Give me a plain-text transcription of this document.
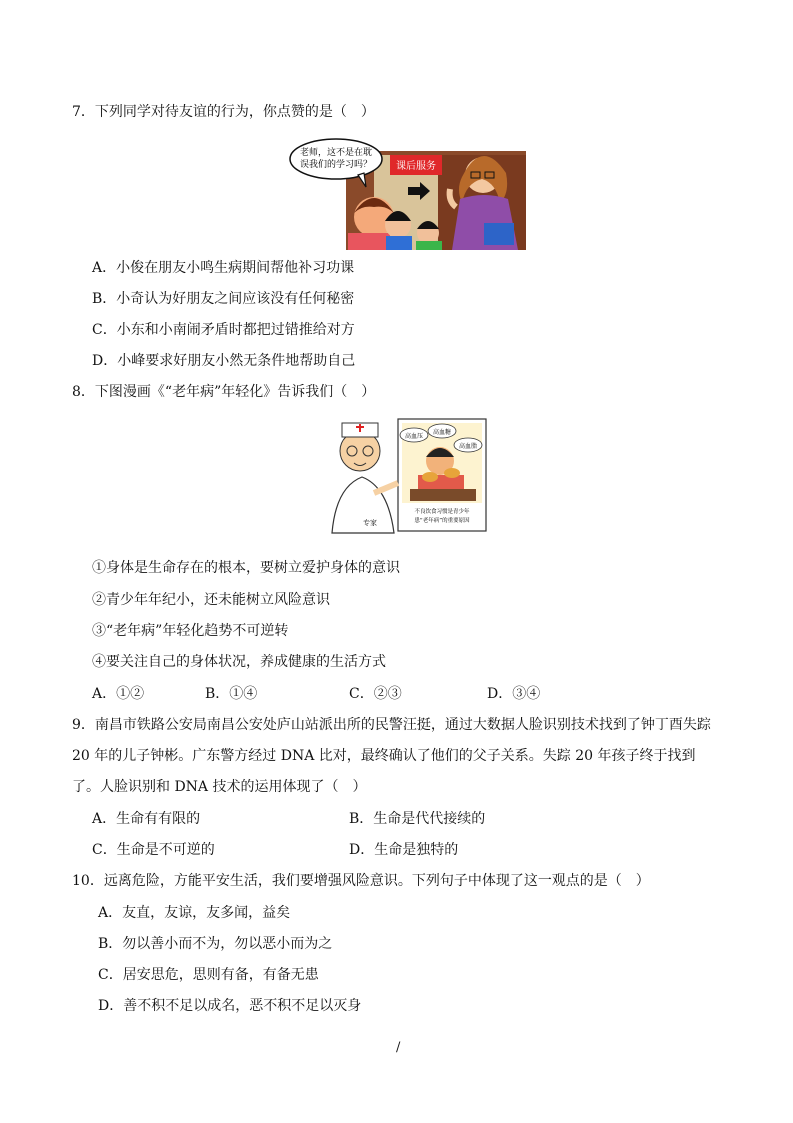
7．下列同学对待友谊的行为，你点赞的是（　）
课后服务
老师，这不是在耽
误我们的学习吗？
A．小俊在朋友小鸣生病期间帮他补习功课
B．小奇认为好朋友之间应该没有任何秘密
C．小东和小南闹矛盾时都把过错推给对方
D．小峰要求好朋友小然无条件地帮助自己
8．下图漫画《“老年病”年轻化》告诉我们（　）
高血压
高血糖
高血脂
不良饮食习惯是青少年
患“老年病”的重要原因
专家
①身体是生命存在的根本，要树立爱护身体的意识
②青少年年纪小，还未能树立风险意识
③“老年病”年轻化趋势不可逆转
④要关注自己的身体状况，养成健康的生活方式
A．①②	B．①④	C．②③	D．③④
9．南昌市铁路公安局南昌公安处庐山站派出所的民警汪挺，通过大数据人脸识别技术找到了钟丁酉失踪 20 年的儿子钟彬。广东警方经过 DNA 比对，最终确认了他们的父子关系。失踪 20 年孩子终于找到了。人脸识别和 DNA 技术的运用体现了（　）
A．生命有有限的	B．生命是代代接续的
C．生命是不可逆的	D．生命是独特的
10．远离危险，方能平安生活，我们要增强风险意识。下列句子中体现了这一观点的是（　）
A．友直，友谅，友多闻，益矣
B．勿以善小而不为，勿以恶小而为之
C．居安思危，思则有备，有备无患
D．善不积不足以成名，恶不积不足以灭身
/
